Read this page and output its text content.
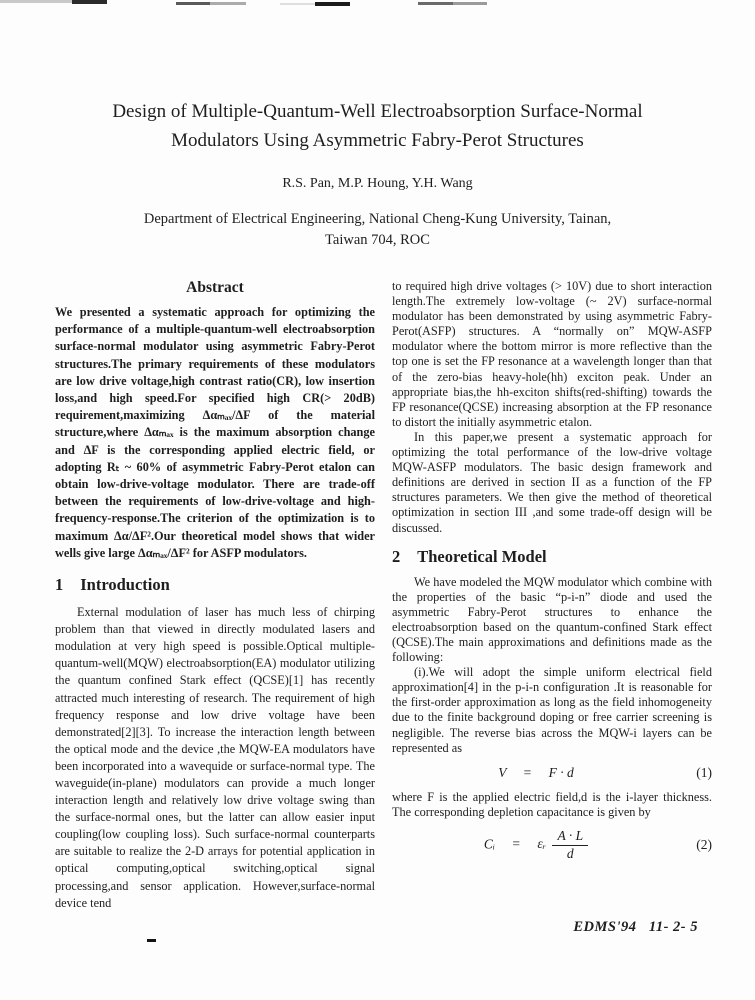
Design of Multiple-Quantum-Well Electroabsorption Surface-Normal
Modulators Using Asymmetric Fabry-Perot Structures
R.S. Pan, M.P. Houng, Y.H. Wang
Department of Electrical Engineering, National Cheng-Kung University, Tainan,
Taiwan 704, ROC
Abstract

We presented a systematic approach for optimizing the performance of a multiple-quantum-well electroabsorption surface-normal modulator using asymmetric Fabry-Perot structures.The primary requirements of these modulators are low drive voltage,high contrast ratio(CR), low insertion loss,and high speed.For specified high CR(> 20dB) requirement,maximizing Δαₘₐₓ/ΔF of the material structure,where Δαₘₐₓ is the maximum absorption change and ΔF is the corresponding applied electric field, or adopting Rₜ ~ 60% of asymmetric Fabry-Perot etalon can obtain low-drive-voltage modulator. There are trade-off between the requirements of low-drive-voltage and high-frequency-response.The criterion of the optimization is to maximum Δα/ΔF².Our theoretical model shows that wider wells give large Δαₘₐₓ/ΔF² for ASFP modulators.

1 Introduction

External modulation of laser has much less of chirping problem than that viewed in directly modulated lasers and modulation at very high speed is possible.Optical multiple-quantum-well(MQW) electroabsorption(EA) modulator utilizing the quantum confined Stark effect (QCSE)[1] has recently attracted much interesting of research. The requirement of high frequency response and low drive voltage have been demonstrated[2][3]. To increase the interaction length between the optical mode and the device ,the MQW-EA modulators have been incorporated into a wavequide or surface-normal type. The waveguide(in-plane) modulators can provide a much longer interaction length and relatively low drive voltage swing than the surface-normal ones, but the latter can allow easier input coupling(low coupling loss). Such surface-normal counterparts are suitable to realize the 2-D arrays for potential application in optical computing,optical switching,optical signal processing,and sensor application. However,surface-normal device tend

to required high drive voltages (> 10V) due to short interaction length.The extremely low-voltage (~ 2V) surface-normal modulator has been demonstrated by using asymmetric Fabry-Perot(ASFP) structures. A “normally on” MQW-ASFP modulator where the bottom mirror is more reflective than the top one is set the FP resonance at a wavelength longer than that of the zero-bias heavy-hole(hh) exciton peak. Under an appropriate bias,the hh-exciton shifts(red-shifting) towards the FP resonance(QCSE) increasing absorption at the FP resonance to distort the initially asymmetric etalon.

In this paper,we present a systematic approach for optimizing the total performance of the low-drive voltage MQW-ASFP modulators. The basic design framework and definitions are derived in section II as a function of the FP structures parameters. We then give the method of theoretical optimization in section III ,and some trade-off design will be discussed.

2 Theoretical Model

We have modeled the MQW modulator which combine with the properties of the basic “p-i-n” diode and used the asymmetric Fabry-Perot structures to enhance the electroabsorption based on the quantum-confined Stark effect (QCSE).The main approximations and definitions made as the following:

(i).We will adopt the simple uniform electrical field approximation[4] in the p-i-n configuration .It is reasonable for the first-order approximation as long as the field inhomogeneity due to the finite background doping or free carrier screening is negligible. The reverse bias across the MQW-i layers can be represented as

V = F · d	(1)

where F is the applied electric field,d is the i-layer thickness. The corresponding depletion capacitance is given by

Cᵢ = εᵣ $\frac{A \cdot L}{d}$	(2)
EDMS'94   11- 2- 5
